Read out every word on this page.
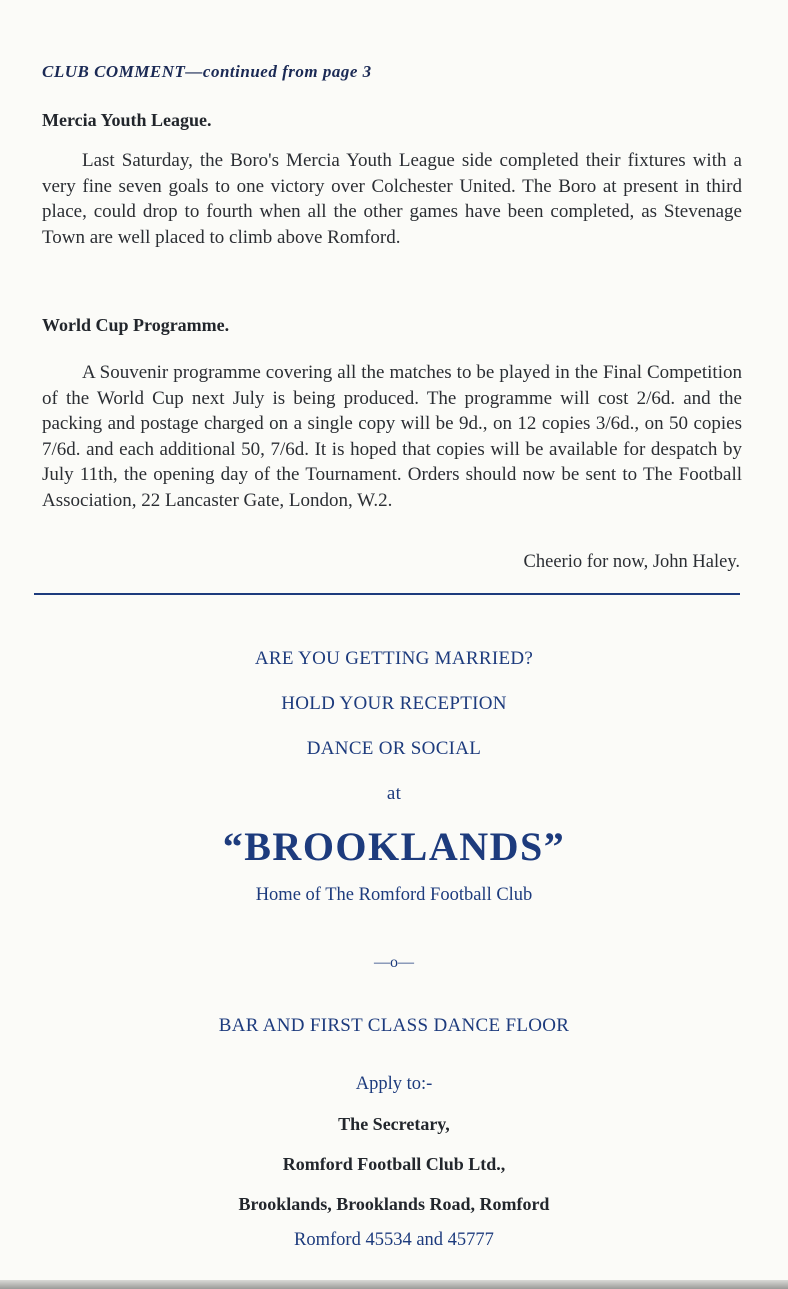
CLUB COMMENT—continued from page 3
Mercia Youth League.

Last Saturday, the Boro's Mercia Youth League side completed their fixtures with a very fine seven goals to one victory over Colchester United. The Boro at present in third place, could drop to fourth when all the other games have been completed, as Stevenage Town are well placed to climb above Romford.

World Cup Programme.

A Souvenir programme covering all the matches to be played in the Final Competition of the World Cup next July is being produced. The programme will cost 2/6d. and the packing and postage charged on a single copy will be 9d., on 12 copies 3/6d., on 50 copies 7/6d. and each additional 50, 7/6d. It is hoped that copies will be available for despatch by July 11th, the opening day of the Tournament. Orders should now be sent to The Football Association, 22 Lancaster Gate, London, W.2.

Cheerio for now, John Haley.
ARE YOU GETTING MARRIED?
HOLD YOUR RECEPTION
DANCE OR SOCIAL
at
“BROOKLANDS”
Home of The Romford Football Club
—o—
BAR AND FIRST CLASS DANCE FLOOR
Apply to:-
The Secretary,
Romford Football Club Ltd.,
Brooklands, Brooklands Road, Romford
Romford 45534 and 45777
